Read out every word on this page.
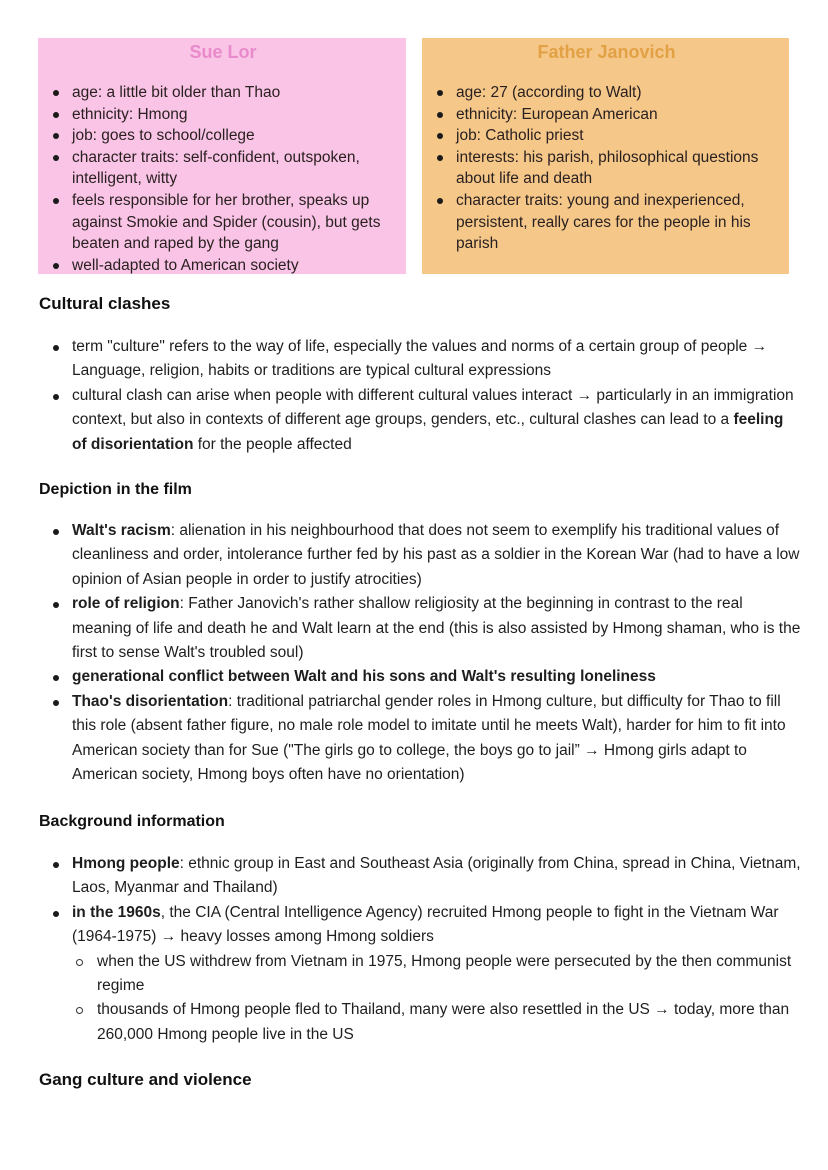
Sue Lor
age: a little bit older than Thao
ethnicity: Hmong
job: goes to school/college
character traits: self-confident, outspoken, intelligent, witty
feels responsible for her brother, speaks up against Smokie and Spider (cousin), but gets beaten and raped by the gang
well-adapted to American society
Father Janovich
age: 27 (according to Walt)
ethnicity: European American
job: Catholic priest
interests: his parish, philosophical questions about life and death
character traits: young and inexperienced, persistent, really cares for the people in his parish
Cultural clashes
term "culture" refers to the way of life, especially the values and norms of a certain group of people → Language, religion, habits or traditions are typical cultural expressions
cultural clash can arise when people with different cultural values interact → particularly in an immigration context, but also in contexts of different age groups, genders, etc., cultural clashes can lead to a feeling of disorientation for the people affected
Depiction in the film
Walt's racism: alienation in his neighbourhood that does not seem to exemplify his traditional values of cleanliness and order, intolerance further fed by his past as a soldier in the Korean War (had to have a low opinion of Asian people in order to justify atrocities)
role of religion: Father Janovich's rather shallow religiosity at the beginning in contrast to the real meaning of life and death he and Walt learn at the end (this is also assisted by Hmong shaman, who is the first to sense Walt's troubled soul)
generational conflict between Walt and his sons and Walt's resulting loneliness
Thao's disorientation: traditional patriarchal gender roles in Hmong culture, but difficulty for Thao to fill this role (absent father figure, no male role model to imitate until he meets Walt), harder for him to fit into American society than for Sue ("The girls go to college, the boys go to jail” → Hmong girls adapt to American society, Hmong boys often have no orientation)
Background information
Hmong people: ethnic group in East and Southeast Asia (originally from China, spread in China, Vietnam, Laos, Myanmar and Thailand)
in the 1960s, the CIA (Central Intelligence Agency) recruited Hmong people to fight in the Vietnam War (1964-1975) → heavy losses among Hmong soldiers
when the US withdrew from Vietnam in 1975, Hmong people were persecuted by the then communist regime
thousands of Hmong people fled to Thailand, many were also resettled in the US → today, more than 260,000 Hmong people live in the US
Gang culture and violence
